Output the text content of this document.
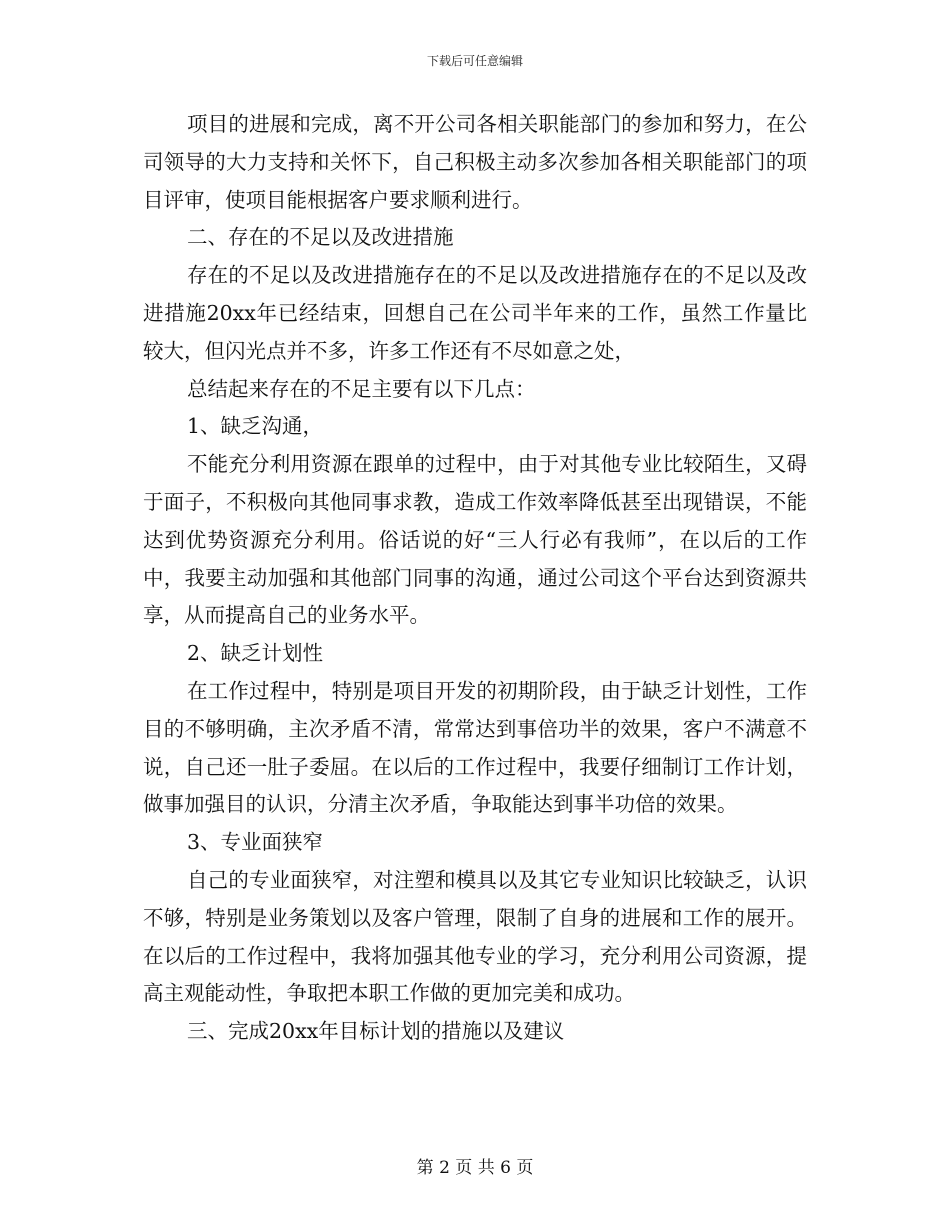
下载后可任意编辑

项目的进展和完成，离不开公司各相关职能部门的参加和努力，在公司领导的大力支持和关怀下，自己积极主动多次参加各相关职能部门的项目评审，使项目能根据客户要求顺利进行。

二、存在的不足以及改进措施

存在的不足以及改进措施存在的不足以及改进措施存在的不足以及改进措施20xx年已经结束，回想自己在公司半年来的工作，虽然工作量比较大，但闪光点并不多，许多工作还有不尽如意之处，

总结起来存在的不足主要有以下几点：

1、缺乏沟通，

不能充分利用资源在跟单的过程中，由于对其他专业比较陌生，又碍于面子，不积极向其他同事求教，造成工作效率降低甚至出现错误，不能达到优势资源充分利用。俗话说的好“三人行必有我师”，在以后的工作中，我要主动加强和其他部门同事的沟通，通过公司这个平台达到资源共享，从而提高自己的业务水平。

2、缺乏计划性

在工作过程中，特别是项目开发的初期阶段，由于缺乏计划性，工作目的不够明确，主次矛盾不清，常常达到事倍功半的效果，客户不满意不说，自己还一肚子委屈。在以后的工作过程中，我要仔细制订工作计划，做事加强目的认识，分清主次矛盾，争取能达到事半功倍的效果。

3、专业面狭窄

自己的专业面狭窄，对注塑和模具以及其它专业知识比较缺乏，认识不够，特别是业务策划以及客户管理，限制了自身的进展和工作的展开。在以后的工作过程中，我将加强其他专业的学习，充分利用公司资源，提高主观能动性，争取把本职工作做的更加完美和成功。

三、完成20xx年目标计划的措施以及建议

第 2 页 共 6 页
